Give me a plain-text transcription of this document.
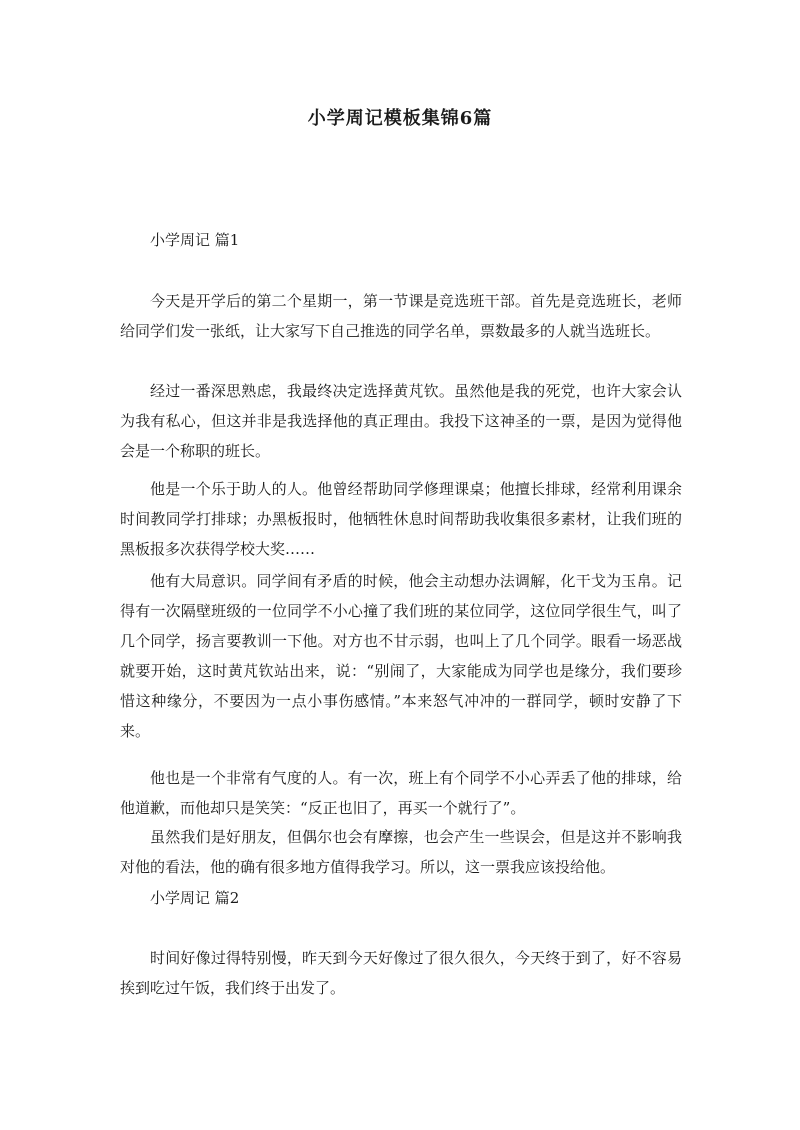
小学周记模板集锦6篇
小学周记 篇1

今天是开学后的第二个星期一，第一节课是竞选班干部。首先是竞选班长，老师给同学们发一张纸，让大家写下自己推选的同学名单，票数最多的人就当选班长。

经过一番深思熟虑，我最终决定选择黄芃钦。虽然他是我的死党，也许大家会认为我有私心，但这并非是我选择他的真正理由。我投下这神圣的一票，是因为觉得他会是一个称职的班长。

他是一个乐于助人的人。他曾经帮助同学修理课桌；他擅长排球，经常利用课余时间教同学打排球；办黑板报时，他牺牲休息时间帮助我收集很多素材，让我们班的黑板报多次获得学校大奖……

他有大局意识。同学间有矛盾的时候，他会主动想办法调解，化干戈为玉帛。记得有一次隔壁班级的一位同学不小心撞了我们班的某位同学，这位同学很生气，叫了几个同学，扬言要教训一下他。对方也不甘示弱，也叫上了几个同学。眼看一场恶战就要开始，这时黄芃钦站出来，说：“别闹了，大家能成为同学也是缘分，我们要珍惜这种缘分，不要因为一点小事伤感情。”本来怒气冲冲的一群同学，顿时安静了下来。

他也是一个非常有气度的人。有一次，班上有个同学不小心弄丢了他的排球，给他道歉，而他却只是笑笑：“反正也旧了，再买一个就行了”。

虽然我们是好朋友，但偶尔也会有摩擦，也会产生一些误会，但是这并不影响我对他的看法，他的确有很多地方值得我学习。所以，这一票我应该投给他。

小学周记 篇2

时间好像过得特别慢，昨天到今天好像过了很久很久，今天终于到了，好不容易挨到吃过午饭，我们终于出发了。
